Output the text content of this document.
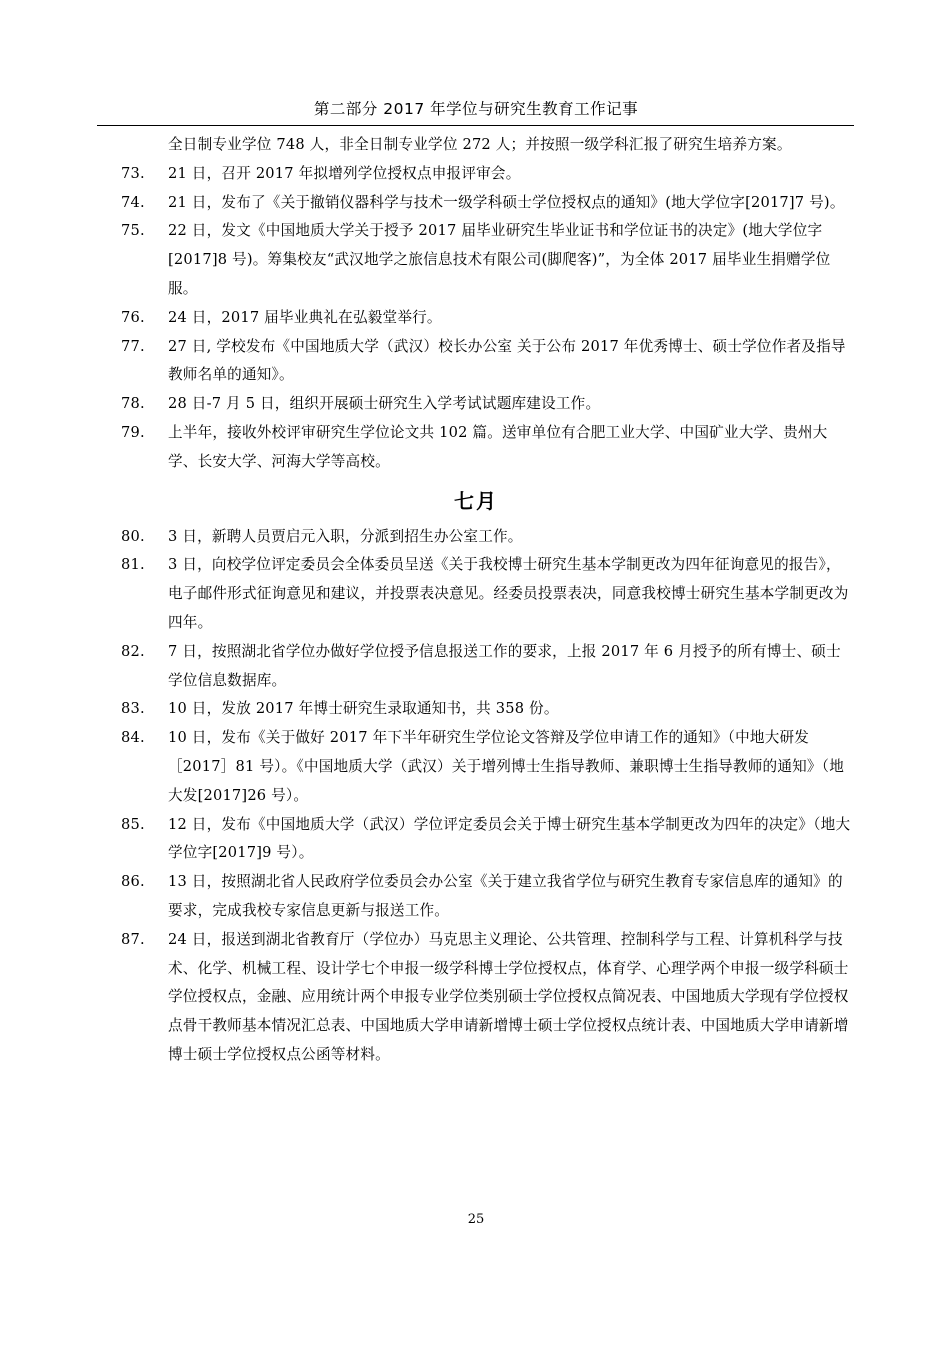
第二部分 2017 年学位与研究生教育工作记事
全日制专业学位 748 人，非全日制专业学位 272 人；并按照一级学科汇报了研究生培养方案。
73. 21 日，召开 2017 年拟增列学位授权点申报评审会。
74. 21 日，发布了《关于撤销仪器科学与技术一级学科硕士学位授权点的通知》(地大学位字[2017]7 号)。
75. 22 日，发文《中国地质大学关于授予 2017 届毕业研究生毕业证书和学位证书的决定》(地大学位字[2017]8 号)。筹集校友“武汉地学之旅信息技术有限公司(脚爬客)”，为全体 2017 届毕业生捐赠学位服。
76. 24 日，2017 届毕业典礼在弘毅堂举行。
77. 27 日, 学校发布《中国地质大学（武汉）校长办公室 关于公布 2017 年优秀博士、硕士学位作者及指导教师名单的通知》。
78. 28 日-7 月 5 日，组织开展硕士研究生入学考试试题库建设工作。
79. 上半年，接收外校评审研究生学位论文共 102 篇。送审单位有合肥工业大学、中国矿业大学、贵州大学、长安大学、河海大学等高校。
七月
80. 3 日，新聘人员贾启元入职，分派到招生办公室工作。
81. 3 日，向校学位评定委员会全体委员呈送《关于我校博士研究生基本学制更改为四年征询意见的报告》，电子邮件形式征询意见和建议，并投票表决意见。经委员投票表决，同意我校博士研究生基本学制更改为四年。
82. 7 日，按照湖北省学位办做好学位授予信息报送工作的要求，上报 2017 年 6 月授予的所有博士、硕士学位信息数据库。
83. 10 日，发放 2017 年博士研究生录取通知书，共 358 份。
84. 10 日，发布《关于做好 2017 年下半年研究生学位论文答辩及学位申请工作的通知》（中地大研发［2017］81 号）。《中国地质大学（武汉）关于增列博士生指导教师、兼职博士生指导教师的通知》（地大发[2017]26 号）。
85. 12 日，发布《中国地质大学（武汉）学位评定委员会关于博士研究生基本学制更改为四年的决定》（地大学位字[2017]9 号）。
86. 13 日，按照湖北省人民政府学位委员会办公室《关于建立我省学位与研究生教育专家信息库的通知》的要求，完成我校专家信息更新与报送工作。
87. 24 日，报送到湖北省教育厅（学位办）马克思主义理论、公共管理、控制科学与工程、计算机科学与技术、化学、机械工程、设计学七个申报一级学科博士学位授权点，体育学、心理学两个申报一级学科硕士学位授权点，金融、应用统计两个申报专业学位类别硕士学位授权点简况表、中国地质大学现有学位授权点骨干教师基本情况汇总表、中国地质大学申请新增博士硕士学位授权点统计表、中国地质大学申请新增博士硕士学位授权点公函等材料。
25
